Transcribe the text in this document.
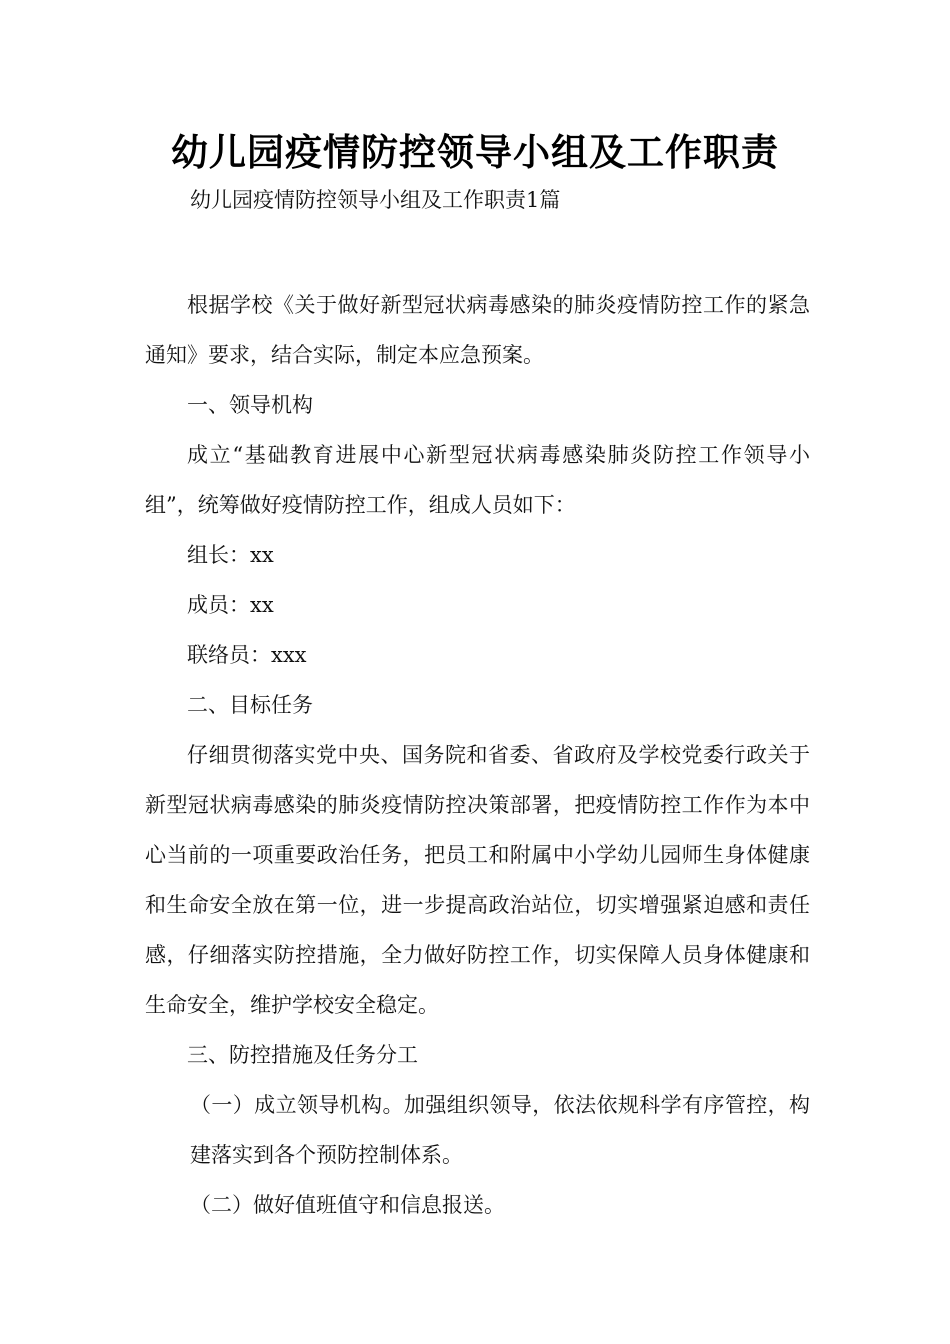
幼儿园疫情防控领导小组及工作职责

幼儿园疫情防控领导小组及工作职责1篇

根据学校《关于做好新型冠状病毒感染的肺炎疫情防控工作的紧急通知》要求，结合实际，制定本应急预案。

一、领导机构

成立“基础教育进展中心新型冠状病毒感染肺炎防控工作领导小组”，统筹做好疫情防控工作，组成人员如下：

组长：xx

成员：xx

联络员：xxx

二、目标任务

仔细贯彻落实党中央、国务院和省委、省政府及学校党委行政关于新型冠状病毒感染的肺炎疫情防控决策部署，把疫情防控工作作为本中心当前的一项重要政治任务，把员工和附属中小学幼儿园师生身体健康和生命安全放在第一位，进一步提高政治站位，切实增强紧迫感和责任感，仔细落实防控措施，全力做好防控工作，切实保障人员身体健康和生命安全，维护学校安全稳定。

三、防控措施及任务分工

（一）成立领导机构。加强组织领导，依法依规科学有序管控，构建落实到各个预防控制体系。

（二）做好值班值守和信息报送。
